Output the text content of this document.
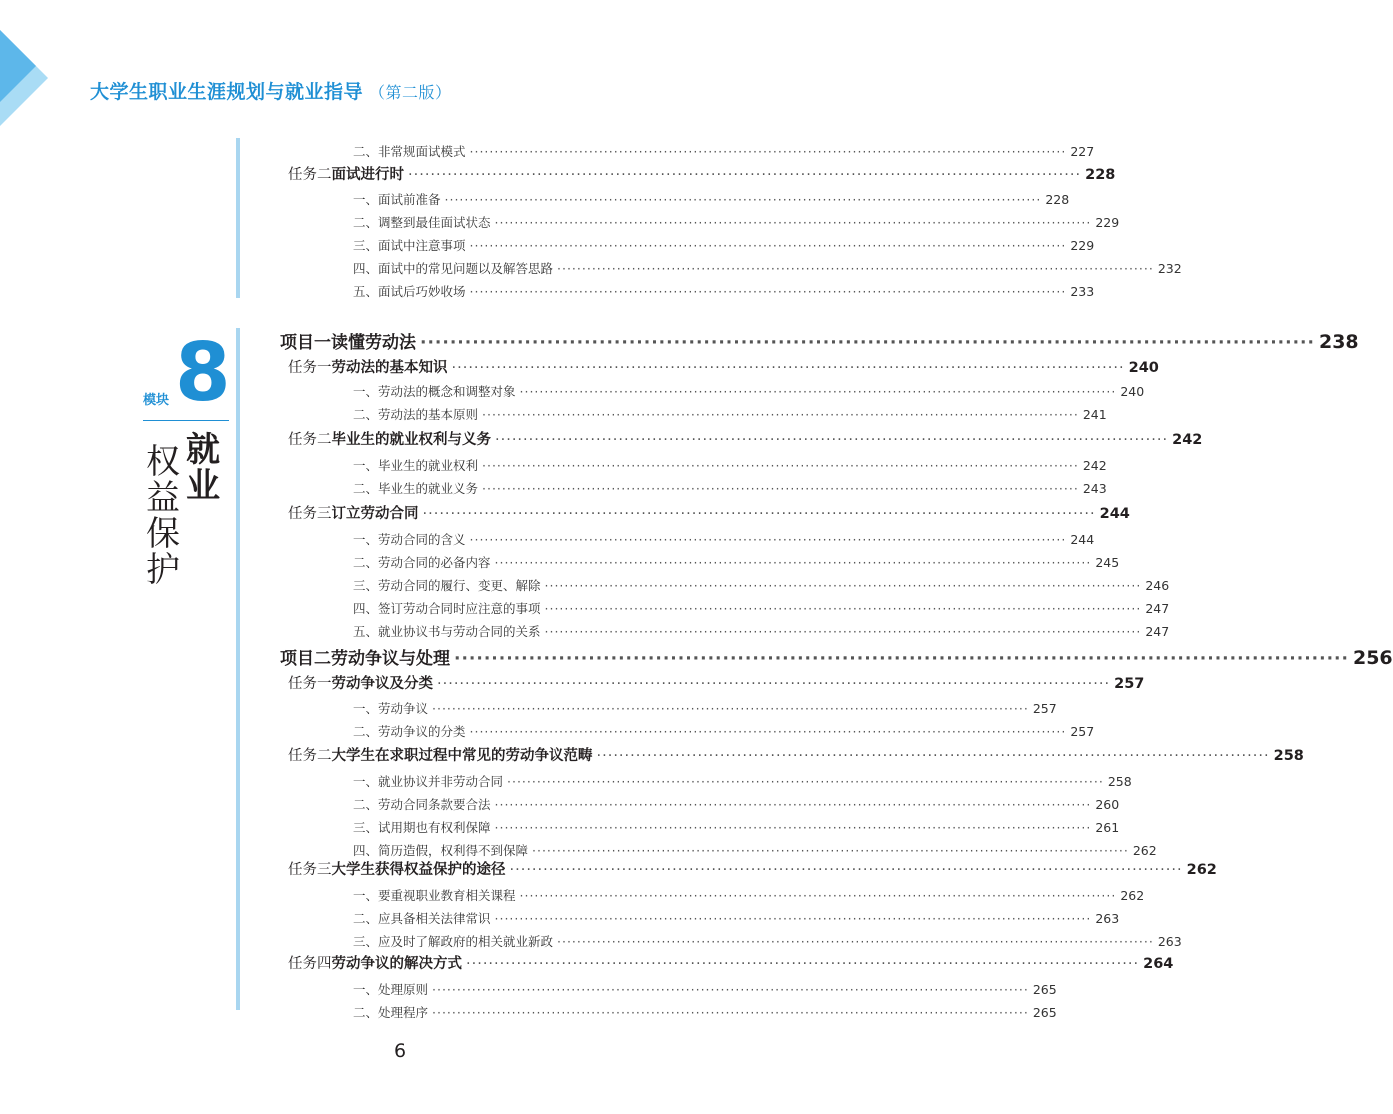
大学生职业生涯规划与就业指导 （第二版）
模块 8
就
业
权
益
保
护
二、非常规面试模式 ························································································································ 227
任务二 面试进行时 ························································································································ 228
一、面试前准备 ························································································································ 228
二、调整到最佳面试状态 ························································································································ 229
三、面试中注意事项 ························································································································ 229
四、面试中的常见问题以及解答思路 ························································································································ 232
五、面试后巧妙收场 ························································································································ 233
项目一 读懂劳动法 ························································································································ 238
任务一 劳动法的基本知识 ························································································································ 240
一、劳动法的概念和调整对象 ························································································································ 240
二、劳动法的基本原则 ························································································································ 241
任务二 毕业生的就业权利与义务 ························································································································ 242
一、毕业生的就业权利 ························································································································ 242
二、毕业生的就业义务 ························································································································ 243
任务三 订立劳动合同 ························································································································ 244
一、劳动合同的含义 ························································································································ 244
二、劳动合同的必备内容 ························································································································ 245
三、劳动合同的履行、变更、解除 ························································································································ 246
四、签订劳动合同时应注意的事项 ························································································································ 247
五、就业协议书与劳动合同的关系 ························································································································ 247
项目二 劳动争议与处理 ························································································································ 256
任务一 劳动争议及分类 ························································································································ 257
一、劳动争议 ························································································································ 257
二、劳动争议的分类 ························································································································ 257
任务二 大学生在求职过程中常见的劳动争议范畴 ························································································································ 258
一、就业协议并非劳动合同 ························································································································ 258
二、劳动合同条款要合法 ························································································································ 260
三、试用期也有权利保障 ························································································································ 261
四、简历造假，权利得不到保障 ························································································································ 262
任务三 大学生获得权益保护的途径 ························································································································ 262
一、要重视职业教育相关课程 ························································································································ 262
二、应具备相关法律常识 ························································································································ 263
三、应及时了解政府的相关就业新政 ························································································································ 263
任务四 劳动争议的解决方式 ························································································································ 264
一、处理原则 ························································································································ 265
二、处理程序 ························································································································ 265
6
